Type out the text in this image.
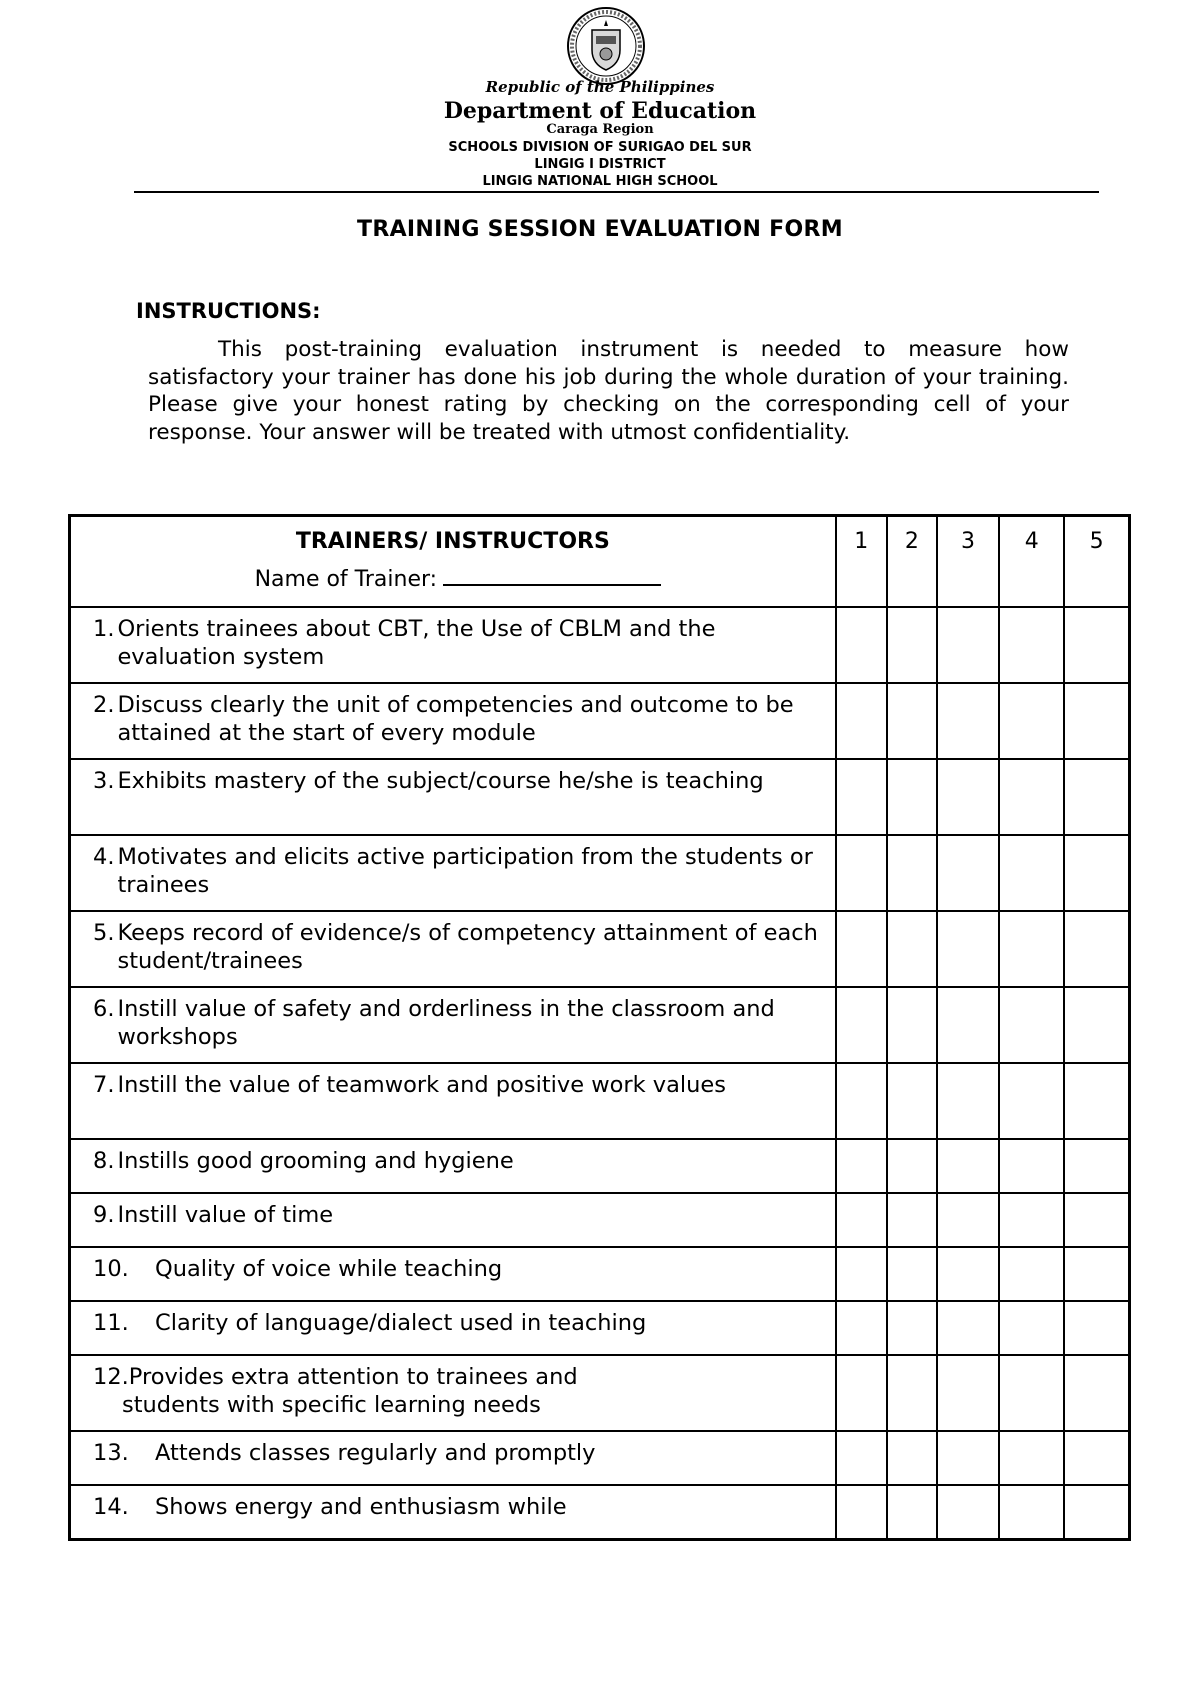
Republic of the Philippines
Department of Education
Caraga Region
SCHOOLS DIVISION OF SURIGAO DEL SUR
LINGIG I DISTRICT
LINGIG NATIONAL HIGH SCHOOL
TRAINING SESSION EVALUATION FORM
INSTRUCTIONS:
This post-training evaluation instrument is needed to measure how satisfactory your trainer has done his job during the whole duration of your training. Please give your honest rating by checking on the corresponding cell of your response. Your answer will be treated with utmost confidentiality.
TRAINERS/ INSTRUCTORS
Name of Trainer:	1	2	3	4	5

1. Orients trainees about CBT, the Use of CBLM and the evaluation system					

2. Discuss clearly the unit of competencies and outcome to be attained at the start of every module					

3. Exhibits mastery of the subject/course he/she is teaching					

4. Motivates and elicits active participation from the students or trainees					

5. Keeps record of evidence/s of competency attainment of each student/trainees					

6. Instill value of safety and orderliness in the classroom and workshops					

7. Instill the value of teamwork and positive work values					

8. Instills good grooming and hygiene					

9. Instill value of time					

10. Quality of voice while teaching					

11. Clarity of language/dialect used in teaching					

12.Provides extra attention to trainees and
students with specific learning needs					

13. Attends classes regularly and promptly					

14. Shows energy and enthusiasm while					
